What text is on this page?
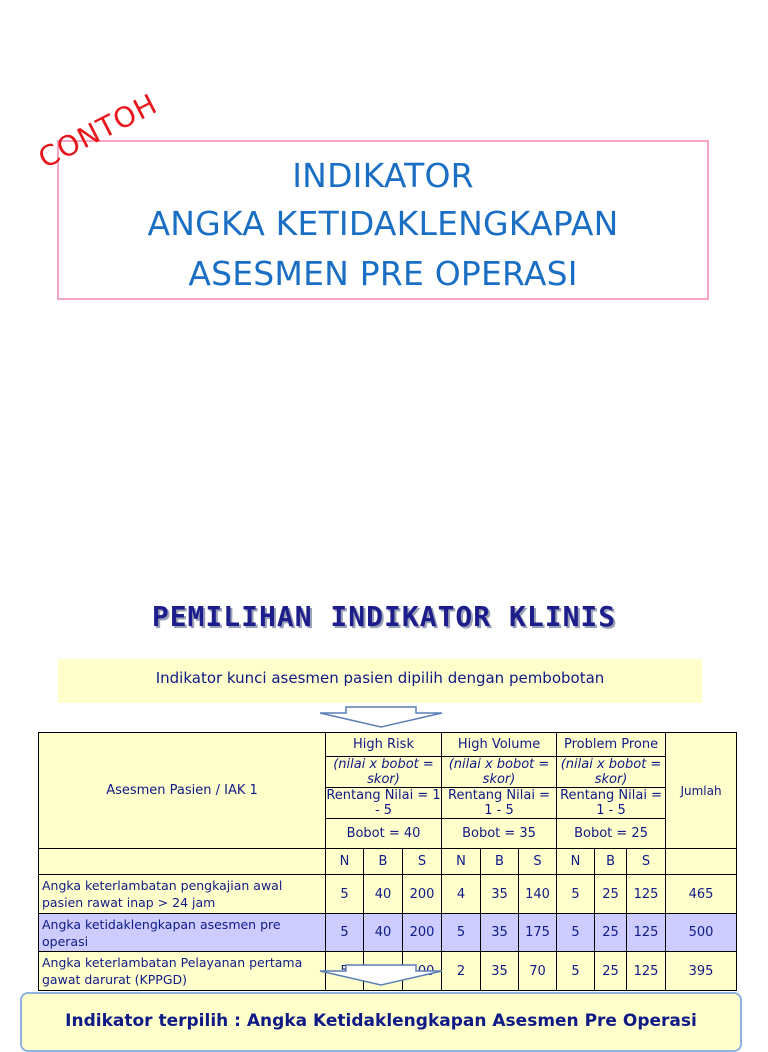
INDIKATOR
ANGKA KETIDAKLENGKAPAN
ASESMEN PRE OPERASI
CONTOH
PEMILIHAN INDIKATOR KLINIS
Indikator kunci asesmen pasien dipilih dengan pembobotan
Asesmen Pasien / IAK 1	High Risk			High Volume			Problem Prone			Jumlah
	(nilai x bobot = skor)			(nilai x bobot = skor)			(nilai x bobot = skor)			
	Rentang Nilai = 1 - 5			Rentang Nilai = 1 - 5			Rentang Nilai = 1 - 5			
	Bobot = 40			Bobot = 35			Bobot = 25			
	N	B	S	N	B	S	N	B	S	
Angka keterlambatan pengkajian awal pasien rawat inap > 24 jam	5	40	200	4	35	140	5	25	125	465
Angka ketidaklengkapan asesmen pre operasi	5	40	200	5	35	175	5	25	125	500
Angka keterlambatan Pelayanan pertama gawat darurat (KPPGD)				2	35	70	5	25	125	395
Indikator terpilih : Angka Ketidaklengkapan Asesmen Pre Operasi
